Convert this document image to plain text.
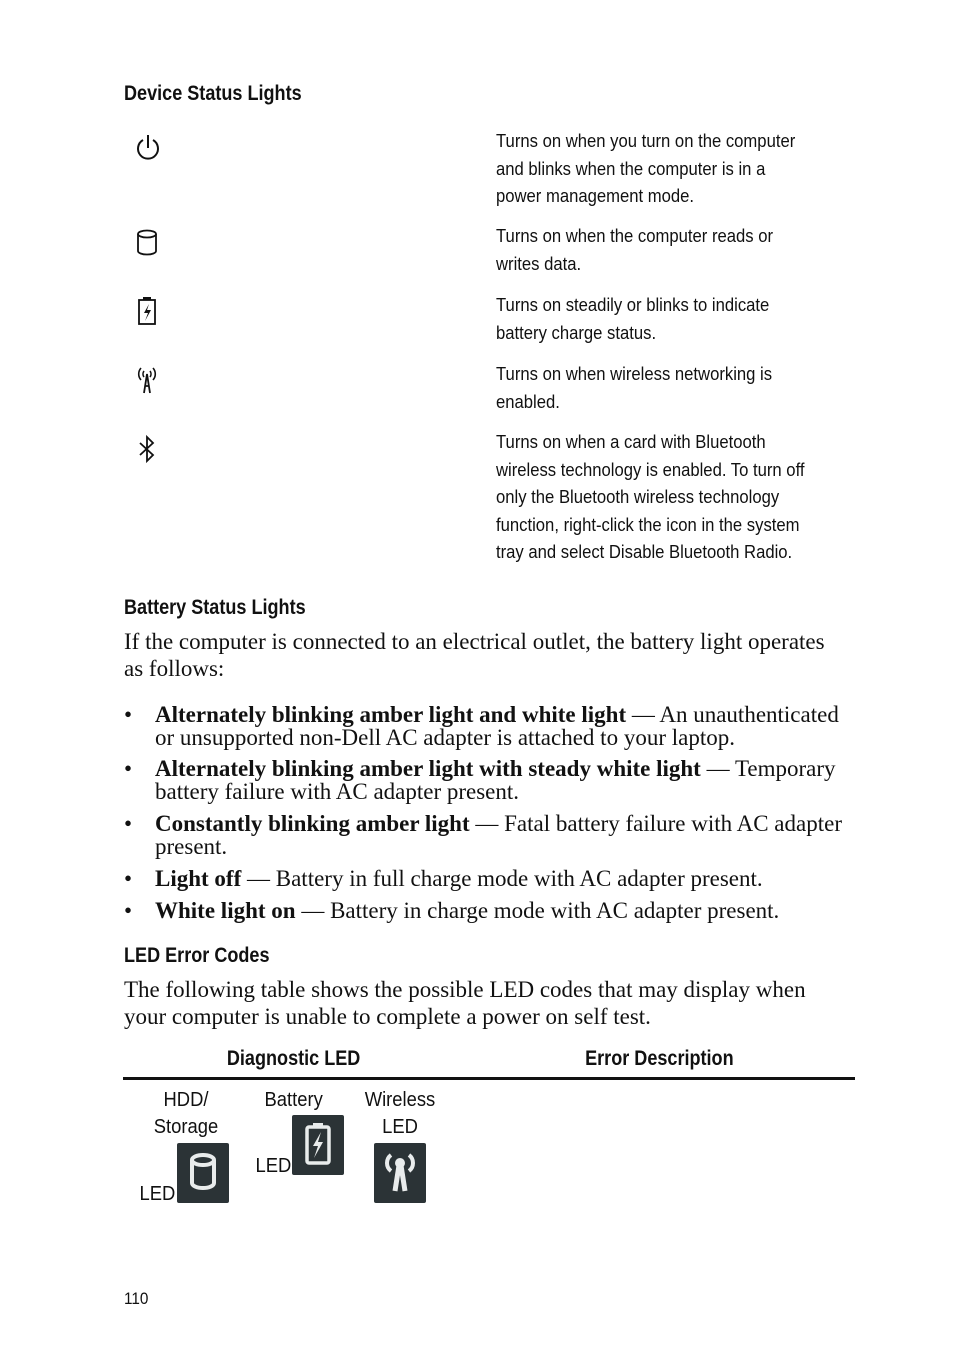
Device Status Lights
Turns on when you turn on the computer
and blinks when the computer is in a
power management mode.
Turns on when the computer reads or
writes data.
Turns on steadily or blinks to indicate
battery charge status.
Turns on when wireless networking is
enabled.
Turns on when a card with Bluetooth
wireless technology is enabled. To turn off
only the Bluetooth wireless technology
function, right-click the icon in the system
tray and select Disable Bluetooth Radio.
Battery Status Lights
If the computer is connected to an electrical outlet, the battery light operates
as follows:
• Alternately blinking amber light and white light — An unauthenticated
or unsupported non-Dell AC adapter is attached to your laptop.
• Alternately blinking amber light with steady white light — Temporary
battery failure with AC adapter present.
• Constantly blinking amber light — Fatal battery failure with AC adapter
present.
• Light off — Battery in full charge mode with AC adapter present.
• White light on — Battery in charge mode with AC adapter present.
LED Error Codes
The following table shows the possible LED codes that may display when
your computer is unable to complete a power on self test.
Diagnostic LED	Error Description
HDD/
Storage
LED
Battery
LED
Wireless
LED
110
